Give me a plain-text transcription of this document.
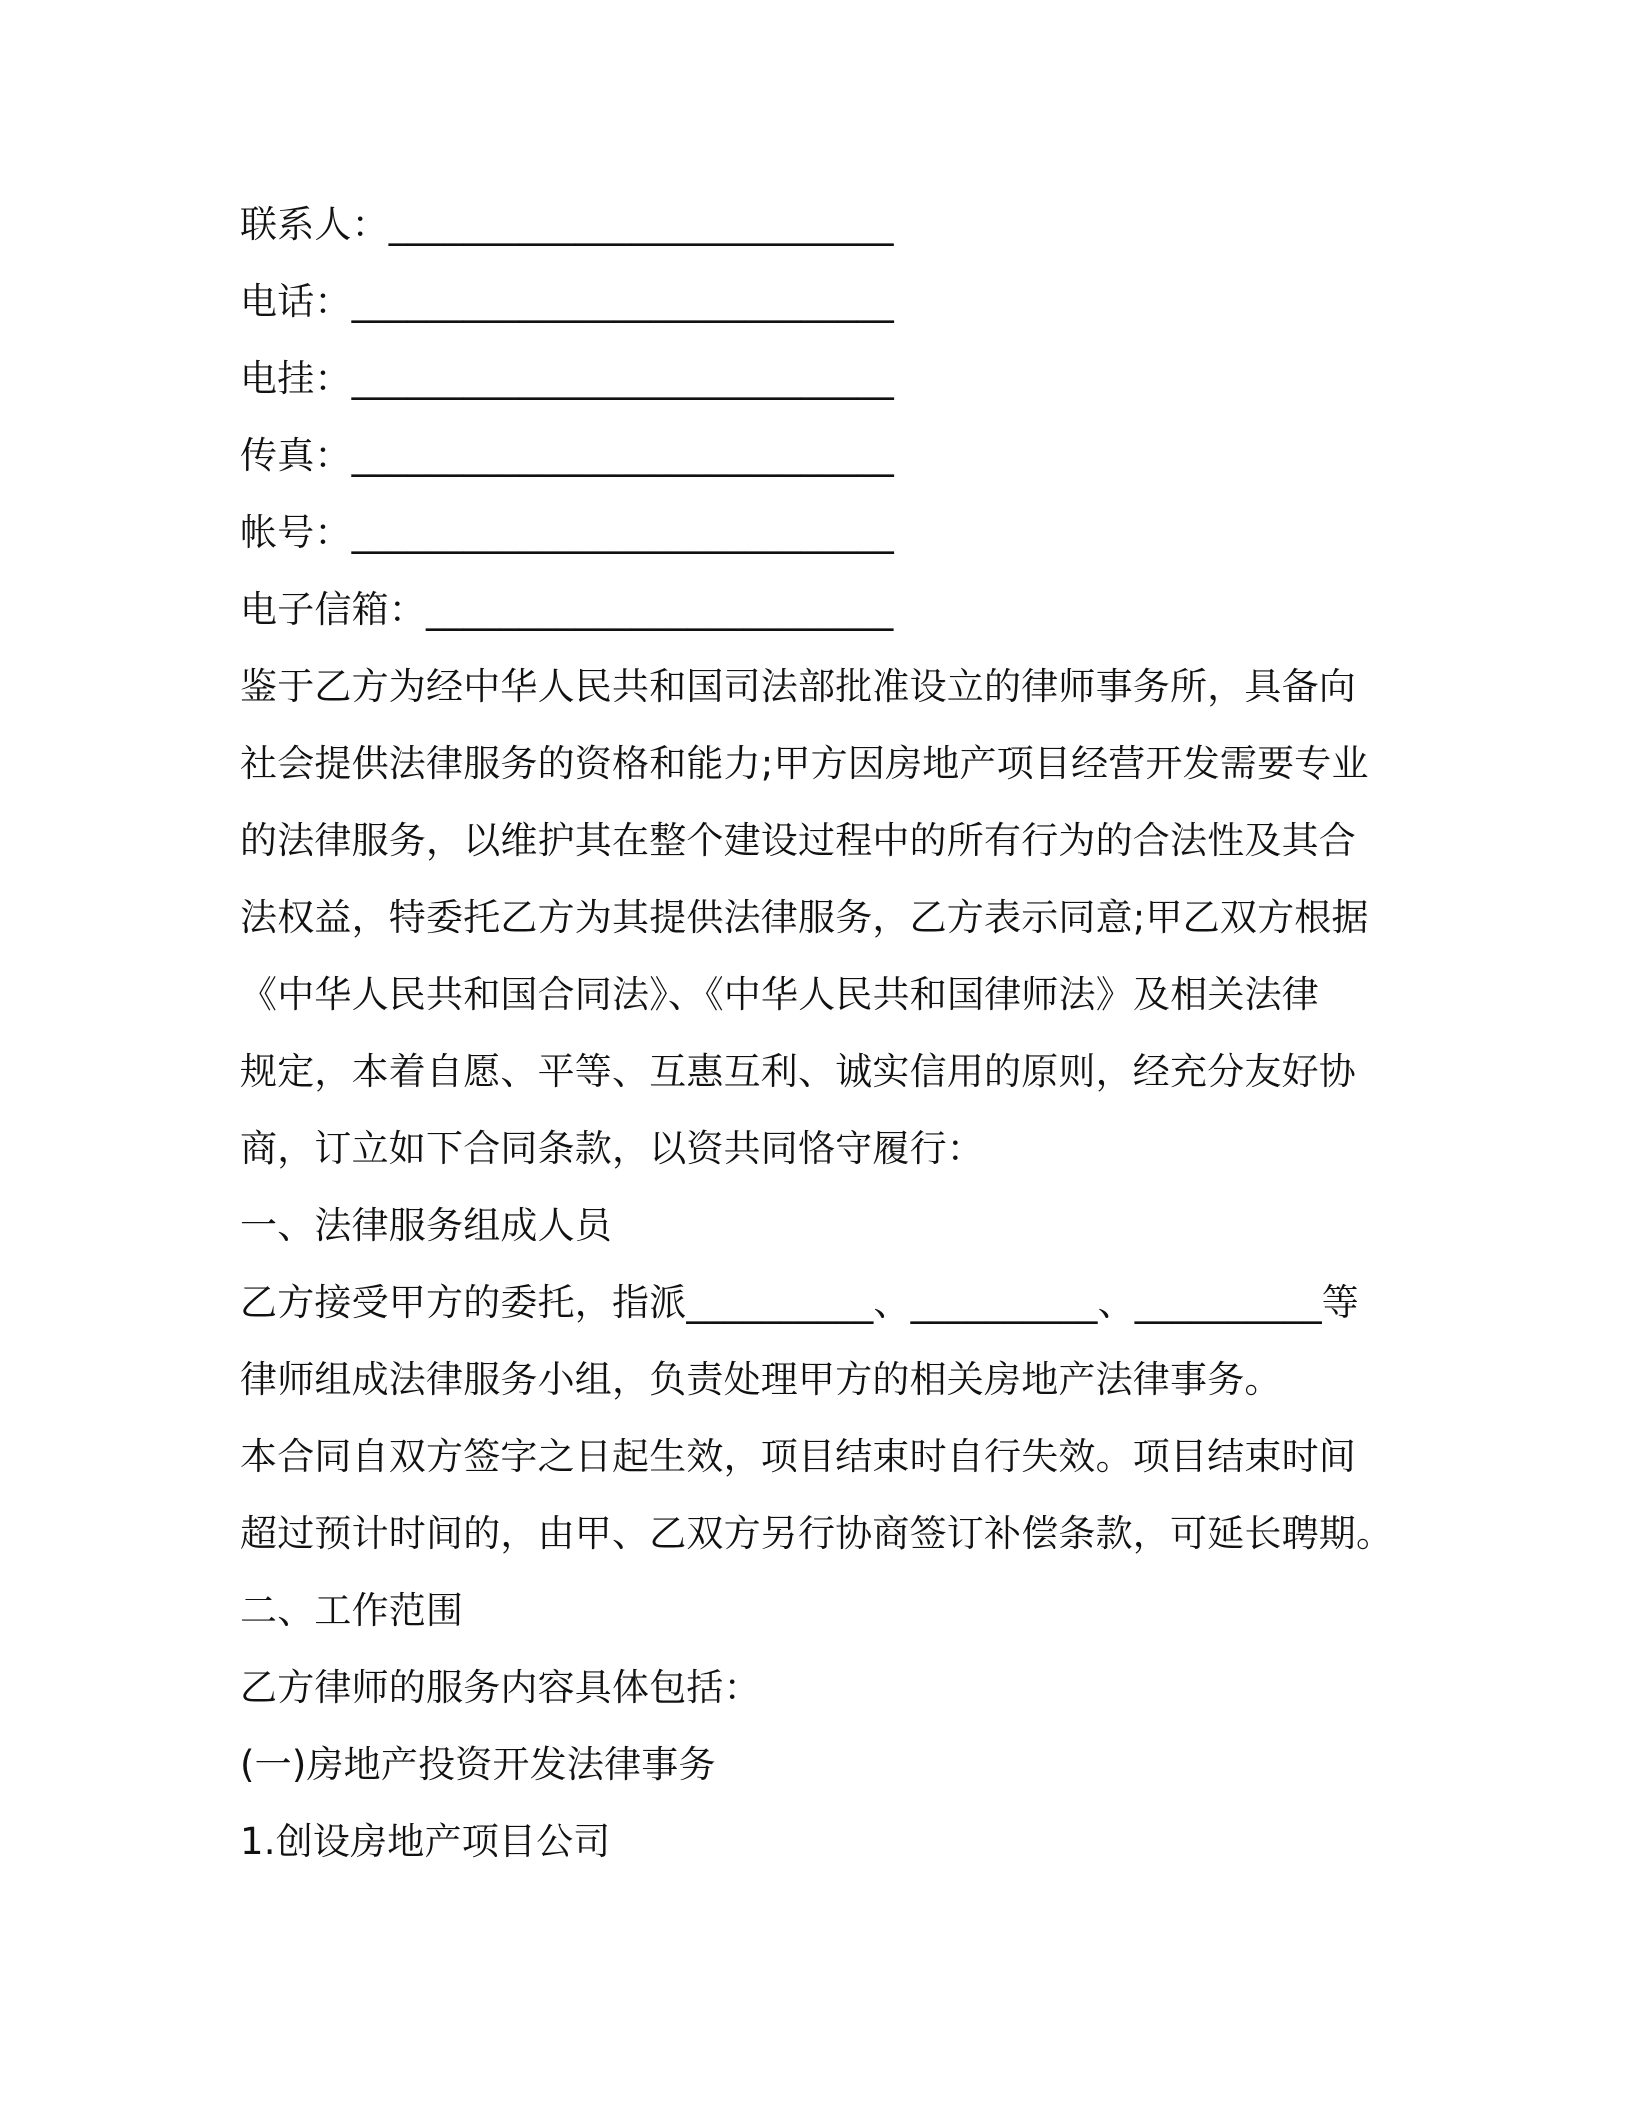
联系人：___________________________
电话：_____________________________
电挂：_____________________________
传真：_____________________________
帐号：_____________________________
电子信箱：_________________________
鉴于乙方为经中华人民共和国司法部批准设立的律师事务所，具备向
社会提供法律服务的资格和能力;甲方因房地产项目经营开发需要专业
的法律服务，以维护其在整个建设过程中的所有行为的合法性及其合
法权益，特委托乙方为其提供法律服务，乙方表示同意;甲乙双方根据
《中华人民共和国合同法》、《中华人民共和国律师法》及相关法律
规定，本着自愿、平等、互惠互利、诚实信用的原则，经充分友好协
商，订立如下合同条款，以资共同恪守履行：
一、法律服务组成人员
乙方接受甲方的委托，指派__________、__________、__________等
律师组成法律服务小组，负责处理甲方的相关房地产法律事务。
本合同自双方签字之日起生效，项目结束时自行失效。项目结束时间
超过预计时间的，由甲、乙双方另行协商签订补偿条款，可延长聘期。
二、工作范围
乙方律师的服务内容具体包括：
(一)房地产投资开发法律事务
1.创设房地产项目公司
